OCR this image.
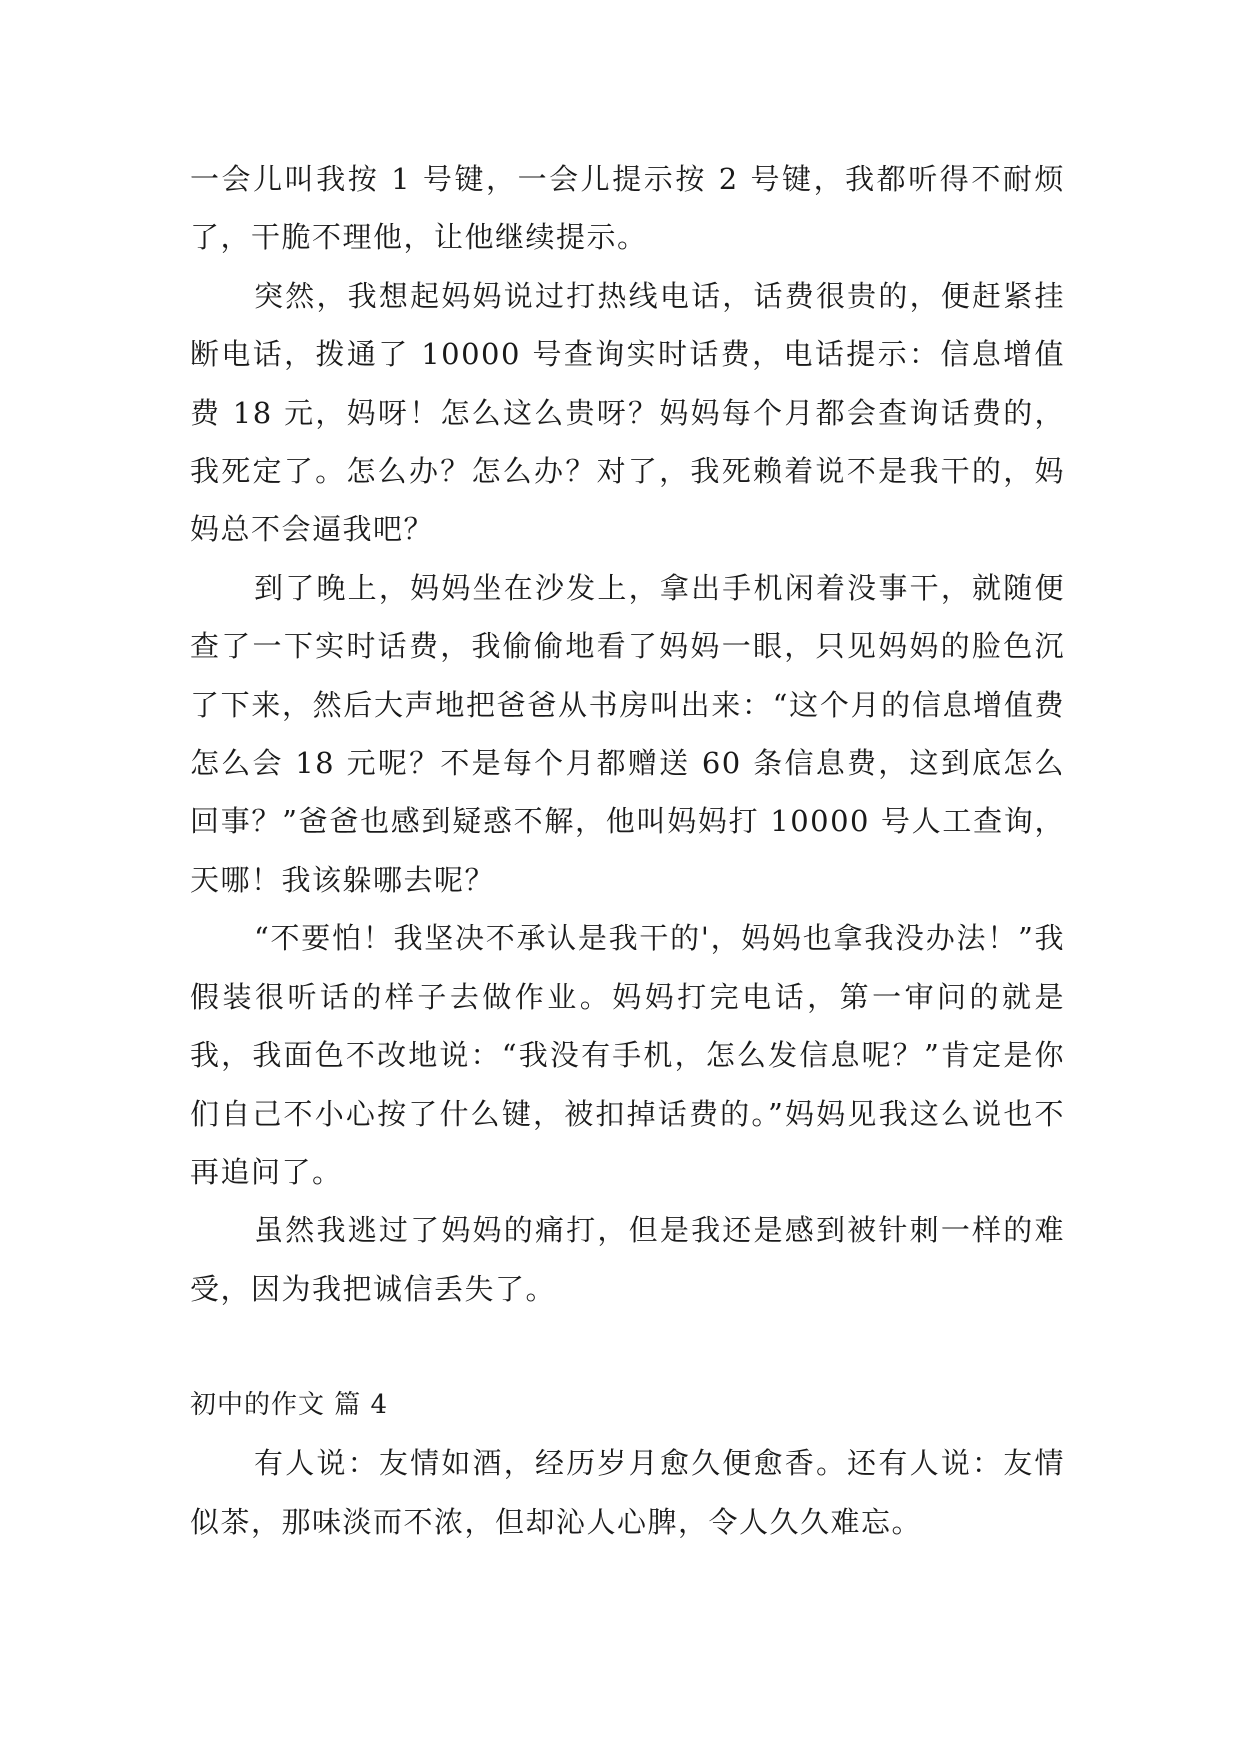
一会儿叫我按 1 号键，一会儿提示按 2 号键，我都听得不耐烦了，干脆不理他，让他继续提示。

突然，我想起妈妈说过打热线电话，话费很贵的，便赶紧挂断电话，拨通了 10000 号查询实时话费，电话提示：信息增值费 18 元，妈呀！怎么这么贵呀？妈妈每个月都会查询话费的，我死定了。怎么办？怎么办？对了，我死赖着说不是我干的，妈妈总不会逼我吧？

到了晚上，妈妈坐在沙发上，拿出手机闲着没事干，就随便查了一下实时话费，我偷偷地看了妈妈一眼，只见妈妈的脸色沉了下来，然后大声地把爸爸从书房叫出来：“这个月的信息增值费怎么会 18 元呢？不是每个月都赠送 60 条信息费，这到底怎么回事？”爸爸也感到疑惑不解，他叫妈妈打 10000 号人工查询，天哪！我该躲哪去呢？

“不要怕！我坚决不承认是我干的'，妈妈也拿我没办法！”我假装很听话的样子去做作业。妈妈打完电话，第一审问的就是我，我面色不改地说：“我没有手机，怎么发信息呢？”肯定是你们自己不小心按了什么键，被扣掉话费的。”妈妈见我这么说也不再追问了。

虽然我逃过了妈妈的痛打，但是我还是感到被针刺一样的难受，因为我把诚信丢失了。

初中的作文 篇 4

有人说：友情如酒，经历岁月愈久便愈香。还有人说：友情似茶，那味淡而不浓，但却沁人心脾，令人久久难忘。
